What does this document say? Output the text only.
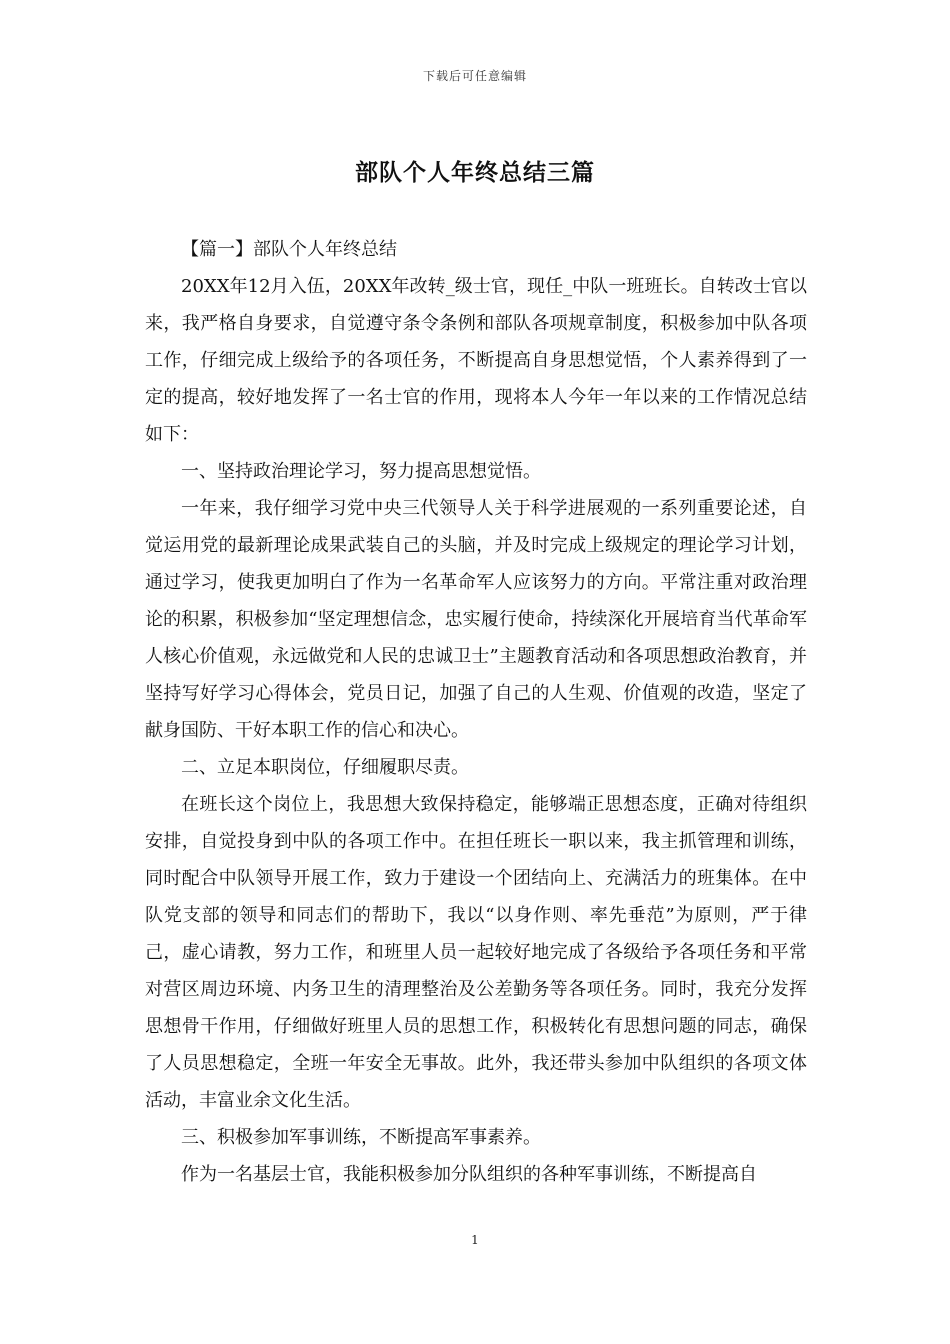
下载后可任意编辑
部队个人年终总结三篇

【篇一】部队个人年终总结

20XX年12月入伍，20XX年改转_级士官，现任_中队一班班长。自转改士官以来，我严格自身要求，自觉遵守条令条例和部队各项规章制度，积极参加中队各项工作，仔细完成上级给予的各项任务，不断提高自身思想觉悟，个人素养得到了一定的提高，较好地发挥了一名士官的作用，现将本人今年一年以来的工作情况总结如下：

一、坚持政治理论学习，努力提高思想觉悟。

一年来，我仔细学习党中央三代领导人关于科学进展观的一系列重要论述，自觉运用党的最新理论成果武装自己的头脑，并及时完成上级规定的理论学习计划，通过学习，使我更加明白了作为一名革命军人应该努力的方向。平常注重对政治理论的积累，积极参加“坚定理想信念，忠实履行使命，持续深化开展培育当代革命军人核心价值观，永远做党和人民的忠诚卫士”主题教育活动和各项思想政治教育，并坚持写好学习心得体会，党员日记，加强了自己的人生观、价值观的改造，坚定了献身国防、干好本职工作的信心和决心。

二、立足本职岗位，仔细履职尽责。

在班长这个岗位上，我思想大致保持稳定，能够端正思想态度，正确对待组织安排，自觉投身到中队的各项工作中。在担任班长一职以来，我主抓管理和训练，同时配合中队领导开展工作，致力于建设一个团结向上、充满活力的班集体。在中队党支部的领导和同志们的帮助下，我以“以身作则、率先垂范”为原则，严于律己，虚心请教，努力工作，和班里人员一起较好地完成了各级给予各项任务和平常对营区周边环境、内务卫生的清理整治及公差勤务等各项任务。同时，我充分发挥思想骨干作用，仔细做好班里人员的思想工作，积极转化有思想问题的同志，确保了人员思想稳定，全班一年安全无事故。此外，我还带头参加中队组织的各项文体活动，丰富业余文化生活。

三、积极参加军事训练，不断提高军事素养。

作为一名基层士官，我能积极参加分队组织的各种军事训练，不断提高自

1
